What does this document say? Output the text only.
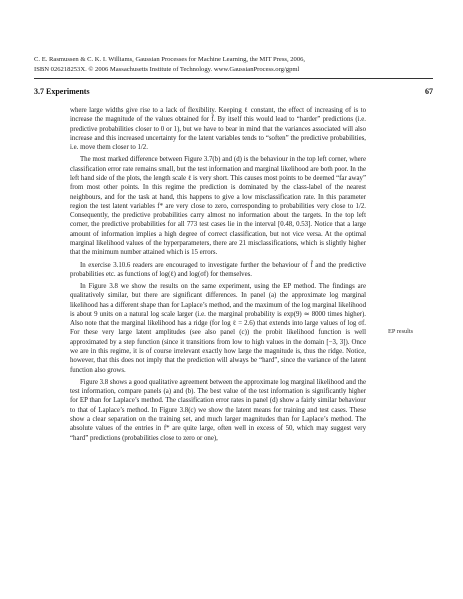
C. E. Rasmussen & C. K. I. Williams, Gaussian Processes for Machine Learning, the MIT Press, 2006,
ISBN 026218253X. © 2006 Massachusetts Institute of Technology. www.GaussianProcess.org/gpml
3.7 Experiments	67

where large widths give rise to a lack of flexibility. Keeping ℓ constant, the effect of increasing σf is to increase the magnitude of the values obtained for f̂. By itself this would lead to “harder” predictions (i.e. predictive probabilities closer to 0 or 1), but we have to bear in mind that the variances associated will also increase and this increased uncertainty for the latent variables tends to “soften” the predictive probabilities, i.e. move them closer to 1/2.

The most marked difference between Figure 3.7(b) and (d) is the behaviour in the top left corner, where classification error rate remains small, but the test information and marginal likelihood are both poor. In the left hand side of the plots, the length scale ℓ is very short. This causes most points to be deemed “far away” from most other points. In this regime the prediction is dominated by the class-label of the nearest neighbours, and for the task at hand, this happens to give a low misclassification rate. In this parameter region the test latent variables f* are very close to zero, corresponding to probabilities very close to 1/2. Consequently, the predictive probabilities carry almost no information about the targets. In the top left corner, the predictive probabilities for all 773 test cases lie in the interval [0.48, 0.53]. Notice that a large amount of information implies a high degree of correct classification, but not vice versa. At the optimal marginal likelihood values of the hyperparameters, there are 21 misclassifications, which is slightly higher that the minimum number attained which is 15 errors.

In exercise 3.10.6 readers are encouraged to investigate further the behaviour of f̂ and the predictive probabilities etc. as functions of log(ℓ) and log(σf) for themselves.

In Figure 3.8 we show the results on the same experiment, using the EP method. The findings are qualitatively similar, but there are significant differences. In panel (a) the approximate log marginal likelihood has a different shape than for Laplace’s method, and the maximum of the log marginal likelihood is about 9 units on a natural log scale larger (i.e. the marginal probability is exp(9) ≃ 8000 times higher). Also note that the marginal likelihood has a ridge (for log ℓ = 2.6) that extends into large values of log σf. For these very large latent amplitudes (see also panel (c)) the probit likelihood function is well approximated by a step function (since it transitions from low to high values in the domain [−3, 3]). Once we are in this regime, it is of course irrelevant exactly how large the magnitude is, thus the ridge. Notice, however, that this does not imply that the prediction will always be “hard”, since the variance of the latent function also grows.

Figure 3.8 shows a good qualitative agreement between the approximate log marginal likelihood and the test information, compare panels (a) and (b). The best value of the test information is significantly higher for EP than for Laplace’s method. The classification error rates in panel (d) show a fairly similar behaviour to that of Laplace’s method. In Figure 3.8(c) we show the latent means for training and test cases. These show a clear separation on the training set, and much larger magnitudes than for Laplace’s method. The absolute values of the entries in f* are quite large, often well in excess of 50, which may suggest very “hard” predictions (probabilities close to zero or one),

EP results
